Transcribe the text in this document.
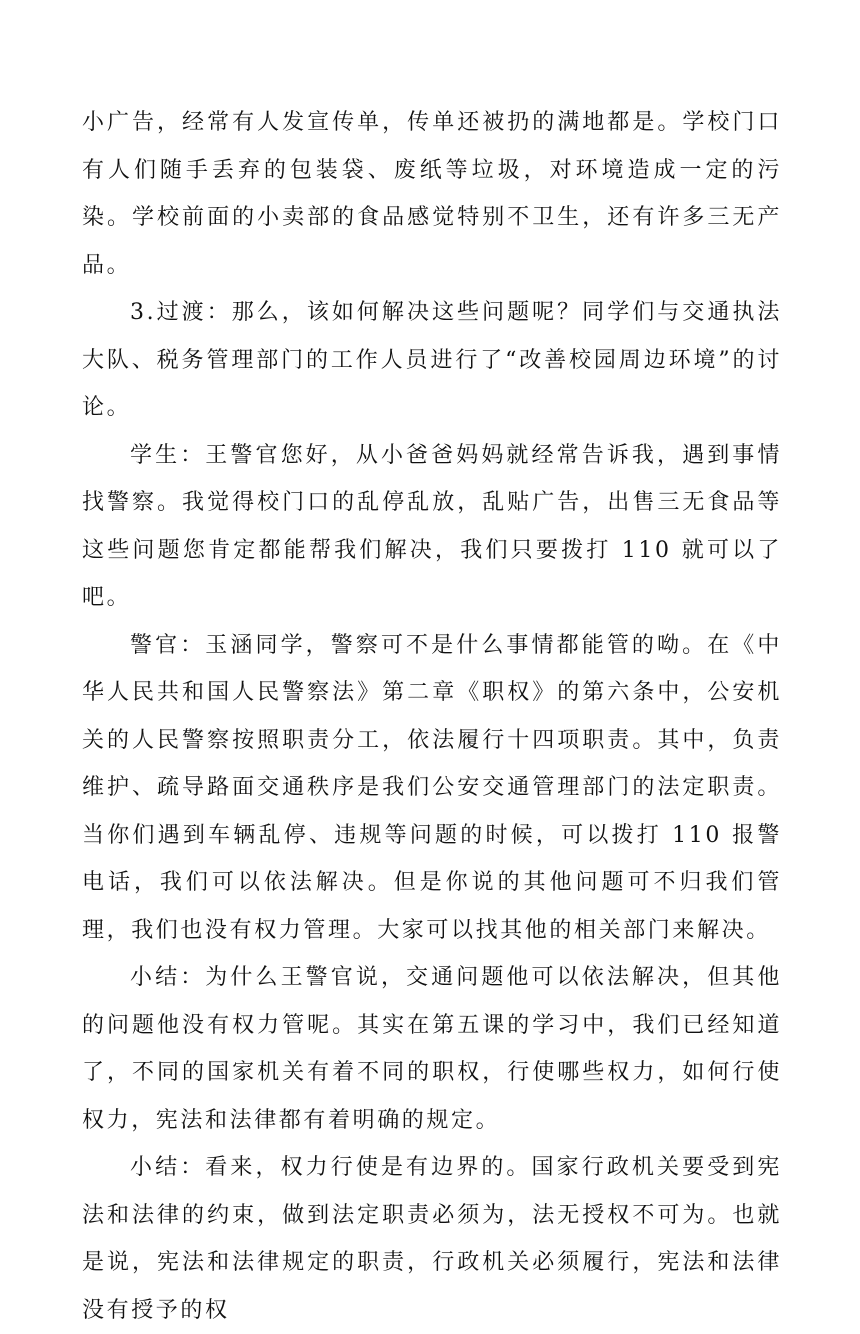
小广告，经常有人发宣传单，传单还被扔的满地都是。学校门口有人们随手丢弃的包装袋、废纸等垃圾，对环境造成一定的污染。学校前面的小卖部的食品感觉特别不卫生，还有许多三无产品。

3.过渡：那么，该如何解决这些问题呢？同学们与交通执法大队、税务管理部门的工作人员进行了“改善校园周边环境”的讨论。

学生：王警官您好，从小爸爸妈妈就经常告诉我，遇到事情找警察。我觉得校门口的乱停乱放，乱贴广告，出售三无食品等这些问题您肯定都能帮我们解决，我们只要拨打 110 就可以了吧。

警官：玉涵同学，警察可不是什么事情都能管的呦。在《中华人民共和国人民警察法》第二章《职权》的第六条中，公安机关的人民警察按照职责分工，依法履行十四项职责。其中，负责维护、疏导路面交通秩序是我们公安交通管理部门的法定职责。当你们遇到车辆乱停、违规等问题的时候，可以拨打 110 报警电话，我们可以依法解决。但是你说的其他问题可不归我们管理，我们也没有权力管理。大家可以找其他的相关部门来解决。

小结：为什么王警官说，交通问题他可以依法解决，但其他的问题他没有权力管呢。其实在第五课的学习中，我们已经知道了，不同的国家机关有着不同的职权，行使哪些权力，如何行使权力，宪法和法律都有着明确的规定。

小结：看来，权力行使是有边界的。国家行政机关要受到宪法和法律的约束，做到法定职责必须为，法无授权不可为。也就是说，宪法和法律规定的职责，行政机关必须履行，宪法和法律没有授予的权
